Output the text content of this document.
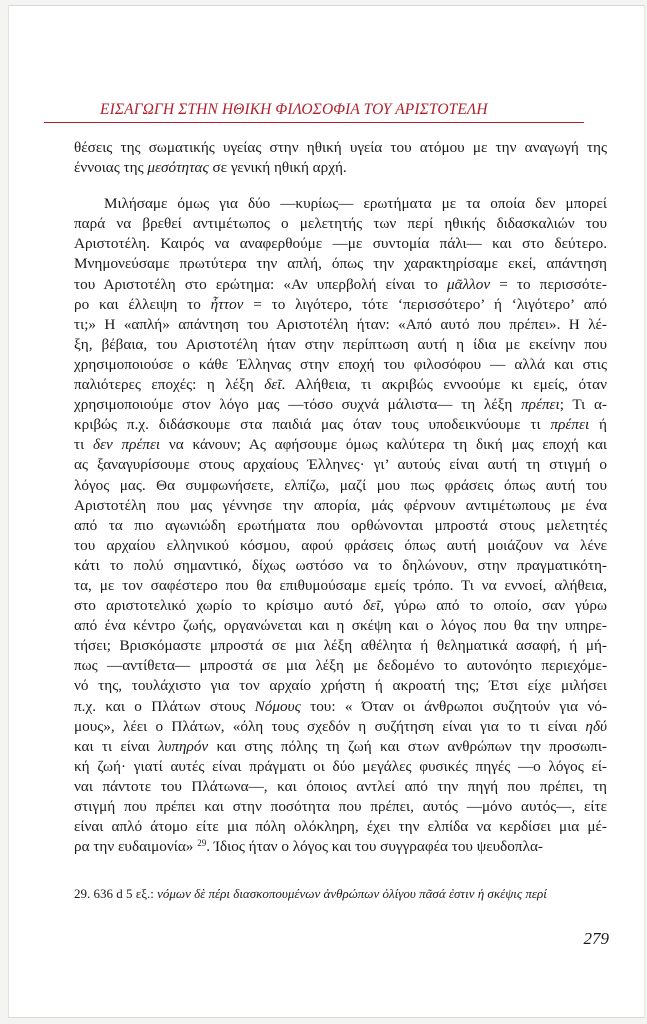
ΕΙΣΑΓΩΓΗ ΣΤΗΝ ΗΘΙΚΗ ΦΙΛΟΣΟΦΙΑ ΤΟΥ ΑΡΙΣΤΟΤΕΛΗ

θέσεις της σωματικής υγείας στην ηθική υγεία του ατόμου με την αναγωγή της
έννοιας της μεσότητας σε γενική ηθική αρχή.

Μιλήσαμε όμως για δύο —κυρίως— ερωτήματα με τα οποία δεν μπορεί
παρά να βρεθεί αντιμέτωπος ο μελετητής των περί ηθικής διδασκαλιών του
Αριστοτέλη. Καιρός να αναφερθούμε —με συντομία πάλι— και στο δεύτερο.
Μνημονεύσαμε πρωτύτερα την απλή, όπως την χαρακτηρίσαμε εκεί, απάντηση
του Αριστοτέλη στο ερώτημα: «Αν υπερβολή είναι το μᾶλλον = το περισσότε-
ρο και έλλειψη το ἧττον = το λιγότερο, τότε ‘περισσότερο’ ή ‘λιγότερο’ από
τι;» Η «απλή» απάντηση του Αριστοτέλη ήταν: «Από αυτό που πρέπει». Η λέ-
ξη, βέβαια, του Αριστοτέλη ήταν στην περίπτωση αυτή η ίδια με εκείνην που
χρησιμοποιούσε ο κάθε Έλληνας στην εποχή του φιλοσόφου — αλλά και στις
παλιότερες εποχές: η λέξη δεῖ. Αλήθεια, τι ακριβώς εννοούμε κι εμείς, όταν
χρησιμοποιούμε στον λόγο μας —τόσο συχνά μάλιστα— τη λέξη πρέπει; Τι α-
κριβώς π.χ. διδάσκουμε στα παιδιά μας όταν τους υποδεικνύουμε τι πρέπει ή
τι δεν πρέπει να κάνουν; Ας αφήσουμε όμως καλύτερα τη δική μας εποχή και
ας ξαναγυρίσουμε στους αρχαίους Έλληνες· γι’ αυτούς είναι αυτή τη στιγμή ο
λόγος μας. Θα συμφωνήσετε, ελπίζω, μαζί μου πως φράσεις όπως αυτή του
Αριστοτέλη που μας γέννησε την απορία, μάς φέρνουν αντιμέτωπους με ένα
από τα πιο αγωνιώδη ερωτήματα που ορθώνονται μπροστά στους μελετητές
του αρχαίου ελληνικού κόσμου, αφού φράσεις όπως αυτή μοιάζουν να λένε
κάτι το πολύ σημαντικό, δίχως ωστόσο να το δηλώνουν, στην πραγματικότη-
τα, με τον σαφέστερο που θα επιθυμούσαμε εμείς τρόπο. Τι να εννοεί, αλήθεια,
στο αριστοτελικό χωρίο το κρίσιμο αυτό δεῖ, γύρω από το οποίο, σαν γύρω
από ένα κέντρο ζωής, οργανώνεται και η σκέψη και ο λόγος που θα την υπηρε-
τήσει; Βρισκόμαστε μπροστά σε μια λέξη αθέλητα ή θεληματικά ασαφή, ή μή-
πως —αντίθετα— μπροστά σε μια λέξη με δεδομένο το αυτονόητο περιεχόμε-
νό της, τουλάχιστο για τον αρχαίο χρήστη ή ακροατή της; Έτσι είχε μιλήσει
π.χ. και ο Πλάτων στους Νόμους του: « Όταν οι άνθρωποι συζητούν για νό-
μους», λέει ο Πλάτων, «όλη τους σχεδόν η συζήτηση είναι για το τι είναι ηδύ
και τι είναι λυπηρόν και στης πόλης τη ζωή και στων ανθρώπων την προσωπι-
κή ζωή· γιατί αυτές είναι πράγματι οι δύο μεγάλες φυσικές πηγές —ο λόγος εί-
ναι πάντοτε του Πλάτωνα—, και όποιος αντλεί από την πηγή που πρέπει, τη
στιγμή που πρέπει και στην ποσότητα που πρέπει, αυτός —μόνο αυτός—, είτε
είναι απλό άτομο είτε μια πόλη ολόκληρη, έχει την ελπίδα να κερδίσει μια μέ-
ρα την ευδαιμονία» $^{29}$. Ίδιος ήταν ο λόγος και του συγγραφέα του ψευδοπλα-

29. 636 d 5 εξ.: νόμων δὲ πέρι διασκοπουμένων ἀνθρώπων ὀλίγου πᾶσά ἐστιν ἡ σκέψις περί
279
